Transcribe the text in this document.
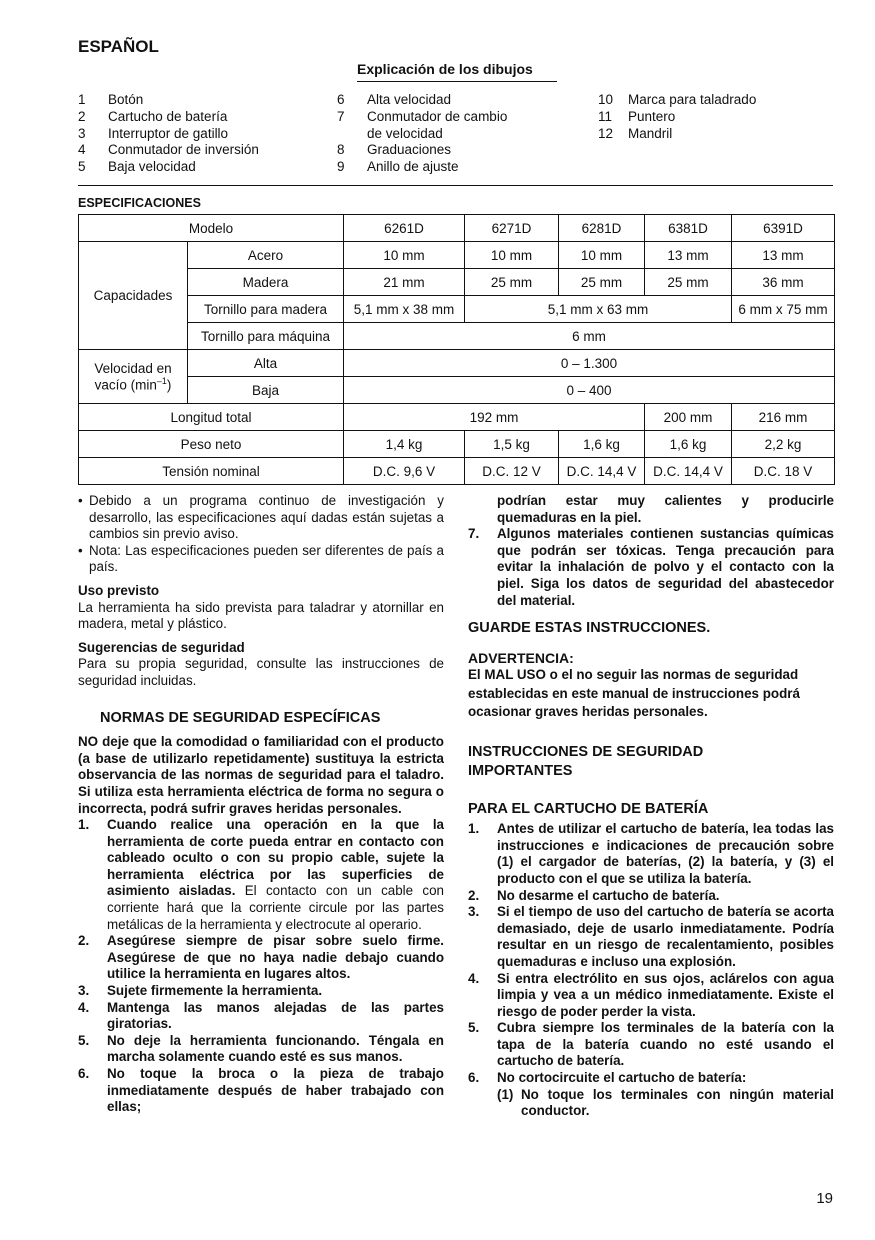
ESPAÑOL
Explicación de los dibujos
1	Botón
2	Cartucho de batería
3	Interruptor de gatillo
4	Conmutador de inversión
5	Baja velocidad
6	Alta velocidad
7	Conmutador de cambio
de velocidad
8	Graduaciones
9	Anillo de ajuste
10	Marca para taladrado
11	Puntero
12	Mandril
ESPECIFICACIONES
Modelo		6261D	6271D	6281D	6381D	6391D
Capacidades	Acero	10 mm	10 mm	10 mm	13 mm	13 mm
	Madera	21 mm	25 mm	25 mm	25 mm	36 mm
	Tornillo para madera	5,1 mm x 38 mm	5,1 mm x 63 mm			6 mm x 75 mm
	Tornillo para máquina	6 mm				
Velocidad en
vacío $(\min^{-1})$	Alta	0 – 1.300				
	Baja	0 – 400				
Longitud total		192 mm			200 mm	216 mm
Peso neto		1,4 kg	1,5 kg	1,6 kg	1,6 kg	2,2 kg
Tensión nominal		D.C. 9,6 V	D.C. 12 V	D.C. 14,4 V	D.C. 14,4 V	D.C. 18 V
• Debido a un programa continuo de investigación y desarrollo, las especificaciones aquí dadas están sujetas a cambios sin previo aviso.

• Nota: Las especificaciones pueden ser diferentes de país a país.

Uso previsto

La herramienta ha sido prevista para taladrar y atornillar en madera, metal y plástico.

Sugerencias de seguridad

Para su propia seguridad, consulte las instrucciones de seguridad incluidas.

NORMAS DE SEGURIDAD ESPECÍFICAS

NO deje que la comodidad o familiaridad con el producto (a base de utilizarlo repetidamente) sustituya la estricta observancia de las normas de seguridad para el taladro. Si utiliza esta herramienta eléctrica de forma no segura o incorrecta, podrá sufrir graves heridas personales.

1.	Cuando realice una operación en la que la herramienta de corte pueda entrar en contacto con cableado oculto o con su propio cable, sujete la herramienta eléctrica por las superficies de asimiento aisladas. El contacto con un cable con corriente hará que la corriente circule por las partes metálicas de la herramienta y electrocute al operario.
2.	Asegúrese siempre de pisar sobre suelo firme. Asegúrese de que no haya nadie debajo cuando utilice la herramienta en lugares altos.
3.	Sujete firmemente la herramienta.
4.	Mantenga las manos alejadas de las partes giratorias.
5.	No deje la herramienta funcionando. Téngala en marcha solamente cuando esté es sus manos.
6.	No toque la broca o la pieza de trabajo inmediatamente después de haber trabajado con ellas;
podrían estar muy calientes y producirle quemaduras en la piel.
7.	Algunos materiales contienen sustancias químicas que podrán ser tóxicas. Tenga precaución para evitar la inhalación de polvo y el contacto con la piel. Siga los datos de seguridad del abastecedor del material.
GUARDE ESTAS INSTRUCCIONES.

ADVERTENCIA:

El MAL USO o el no seguir las normas de seguridad establecidas en este manual de instrucciones podrá ocasionar graves heridas personales.

INSTRUCCIONES DE SEGURIDAD
IMPORTANTES
PARA EL CARTUCHO DE BATERÍA
1.	Antes de utilizar el cartucho de batería, lea todas las instrucciones e indicaciones de precaución sobre (1) el cargador de baterías, (2) la batería, y (3) el producto con el que se utiliza la batería.
2.	No desarme el cartucho de batería.
3.	Si el tiempo de uso del cartucho de batería se acorta demasiado, deje de usarlo inmediatamente. Podría resultar en un riesgo de recalentamiento, posibles quemaduras e incluso una explosión.
4.	Si entra electrólito en sus ojos, aclárelos con agua limpia y vea a un médico inmediatamente. Existe el riesgo de poder perder la vista.
5.	Cubra siempre los terminales de la batería con la tapa de la batería cuando no esté usando el cartucho de batería.
6.	No cortocircuite el cartucho de batería:
(1) No toque los terminales con ningún material conductor.
19
